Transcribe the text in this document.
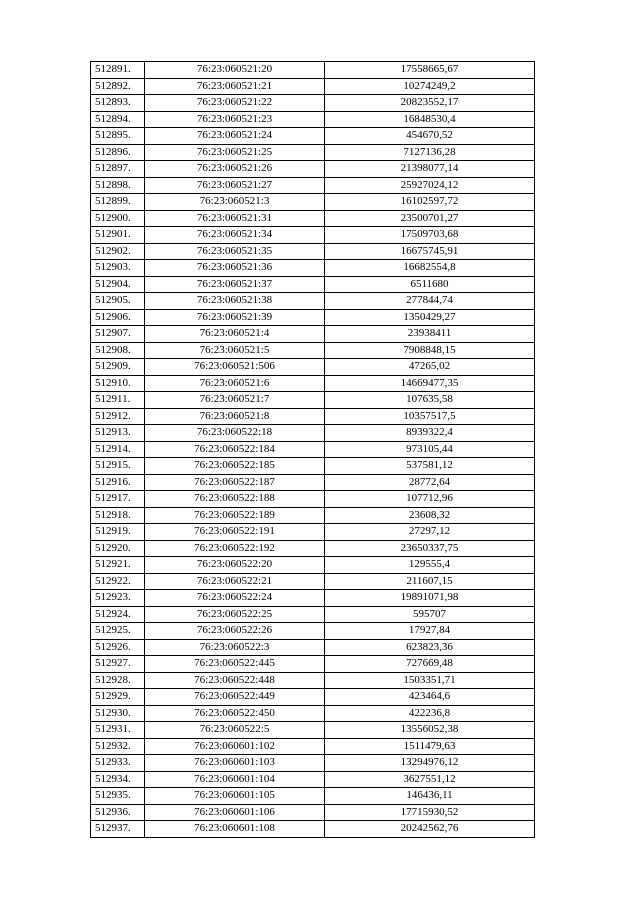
512891.	76:23:060521:20	17558665,67
512892.	76:23:060521:21	10274249,2
512893.	76:23:060521:22	20823552,17
512894.	76:23:060521:23	16848530,4
512895.	76:23:060521:24	454670,52
512896.	76:23:060521:25	7127136,28
512897.	76:23:060521:26	21398077,14
512898.	76:23:060521:27	25927024,12
512899.	76:23:060521:3	16102597,72
512900.	76:23:060521:31	23500701,27
512901.	76:23:060521:34	17509703,68
512902.	76:23:060521:35	16675745,91
512903.	76:23:060521:36	16682554,8
512904.	76:23:060521:37	6511680
512905.	76:23:060521:38	277844,74
512906.	76:23:060521:39	1350429,27
512907.	76:23:060521:4	23938411
512908.	76:23:060521:5	7908848,15
512909.	76:23:060521:506	47265,02
512910.	76:23:060521:6	14669477,35
512911.	76:23:060521:7	107635,58
512912.	76:23:060521:8	10357517,5
512913.	76:23:060522:18	8939322,4
512914.	76:23:060522:184	973105,44
512915.	76:23:060522:185	537581,12
512916.	76:23:060522:187	28772,64
512917.	76:23:060522:188	107712,96
512918.	76:23:060522:189	23608,32
512919.	76:23:060522:191	27297,12
512920.	76:23:060522:192	23650337,75
512921.	76:23:060522:20	129555,4
512922.	76:23:060522:21	211607,15
512923.	76:23:060522:24	19891071,98
512924.	76:23:060522:25	595707
512925.	76:23:060522:26	17927,84
512926.	76:23:060522:3	623823,36
512927.	76:23:060522:445	727669,48
512928.	76:23:060522:448	1503351,71
512929.	76:23:060522:449	423464,6
512930.	76:23:060522:450	422236,8
512931.	76:23:060522:5	13556052,38
512932.	76:23:060601:102	1511479,63
512933.	76:23:060601:103	13294976,12
512934.	76:23:060601:104	3627551,12
512935.	76:23:060601:105	146436,11
512936.	76:23:060601:106	17715930,52
512937.	76:23:060601:108	20242562,76
